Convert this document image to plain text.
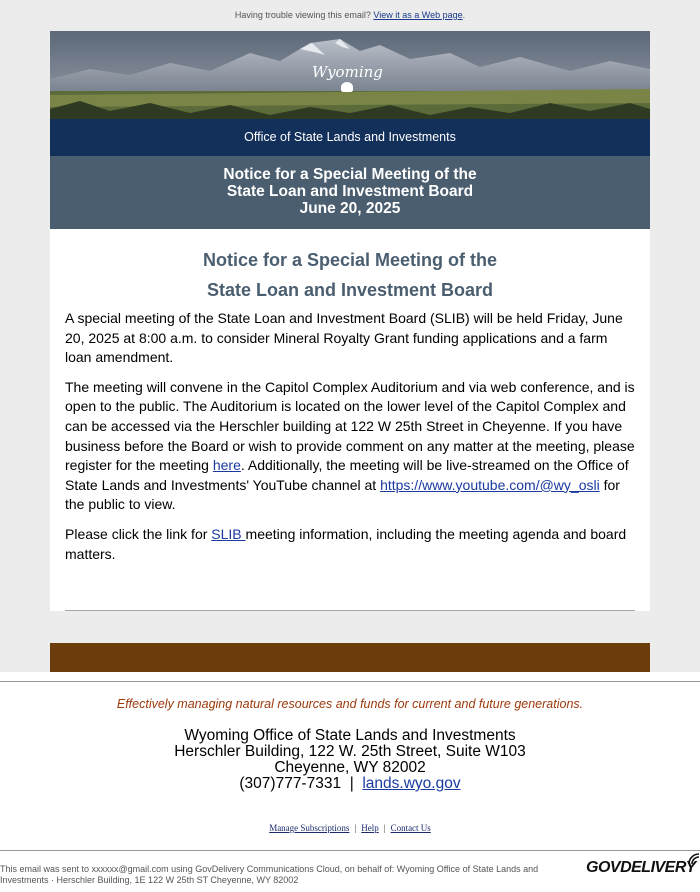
Having trouble viewing this email? View it as a Web page.
Wyoming
Office of State Lands and Investments
Notice for a Special Meeting of the
State Loan and Investment Board
June 20, 2025
Notice for a Special Meeting of the
State Loan and Investment Board

A special meeting of the State Loan and Investment Board (SLIB) will be held Friday, June 20, 2025 at 8:00 a.m. to consider Mineral Royalty Grant funding applications and a farm loan amendment.

The meeting will convene in the Capitol Complex Auditorium and via web conference, and is open to the public. The Auditorium is located on the lower level of the Capitol Complex and can be accessed via the Herschler building at 122 W 25th Street in Cheyenne. If you have business before the Board or wish to provide comment on any matter at the meeting, please register for the meeting here. Additionally, the meeting will be live-streamed on the Office of State Lands and Investments' YouTube channel at https://www.youtube.com/@wy_osli for the public to view.

Please click the link for SLIB meeting information, including the meeting agenda and board matters.

Effectively managing natural resources and funds for current and future generations.
Wyoming Office of State Lands and Investments
Herschler Building, 122 W. 25th Street, Suite W103
Cheyenne, WY 82002
(307)777-7331  |  lands.wyo.gov
Manage Subscriptions | Help | Contact Us
This email was sent to xxxxxx@gmail.com using GovDelivery Communications Cloud, on behalf of: Wyoming Office of State Lands and Investments · Herschler Building, 1E 122 W 25th ST Cheyenne, WY 82002
GOVDELIVERY
